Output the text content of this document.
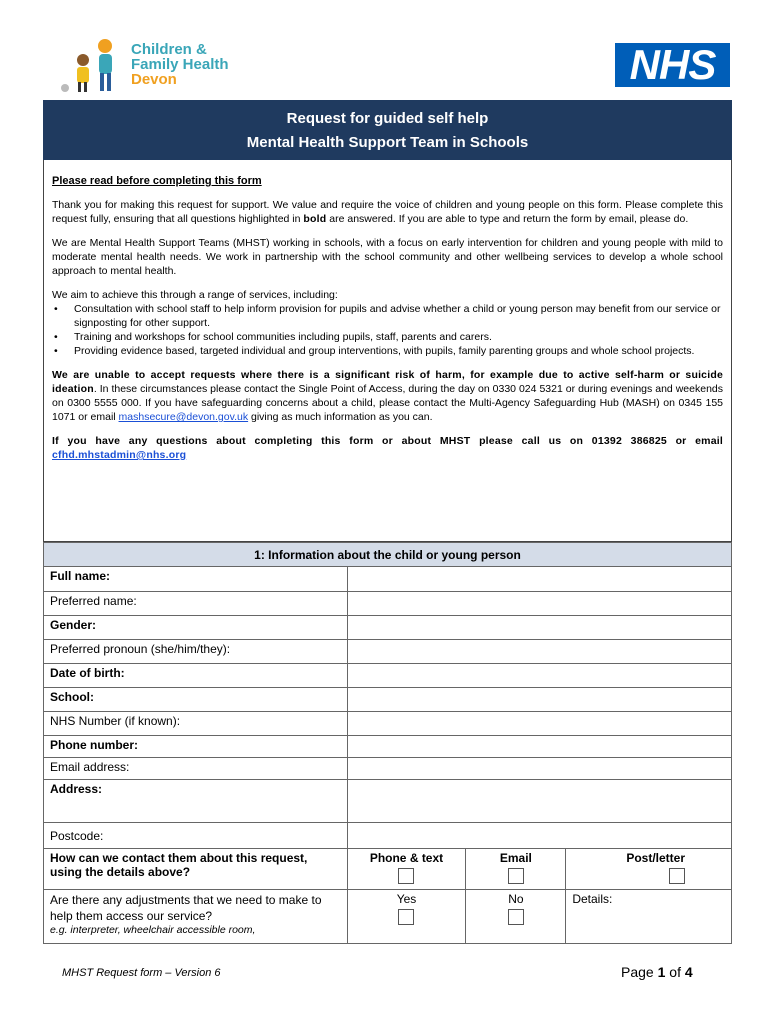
Children &
Family Health
Devon	NHS
Request for guided self help
Mental Health Support Team in Schools
Please read before completing this form

Thank you for making this request for support. We value and require the voice of children and young people on this form. Please complete this request fully, ensuring that all questions highlighted in bold are answered. If you are able to type and return the form by email, please do.

We are Mental Health Support Teams (MHST) working in schools, with a focus on early intervention for children and young people with mild to moderate mental health needs. We work in partnership with the school community and other wellbeing services to develop a whole school approach to mental health.

We aim to achieve this through a range of services, including:

• Consultation with school staff to help inform provision for pupils and advise whether a child or young person may benefit from our service or signposting for other support.
• Training and workshops for school communities including pupils, staff, parents and carers.
• Providing evidence based, targeted individual and group interventions, with pupils, family parenting groups and whole school projects.

We are unable to accept requests where there is a significant risk of harm, for example due to active self-harm or suicide ideation. In these circumstances please contact the Single Point of Access, during the day on 0330 024 5321 or during evenings and weekends on 0300 5555 000. If you have safeguarding concerns about a child, please contact the Multi-Agency Safeguarding Hub (MASH) on 0345 155 1071 or email mashsecure@devon.gov.uk giving as much information as you can.

If you have any questions about completing this form or about MHST please call us on 01392 386825 or email cfhd.mhstadmin@nhs.org

1: Information about the child or young person			
Full name:			
Preferred name:			
Gender:			
Preferred pronoun (she/him/they):			
Date of birth:			
School:			
NHS Number (if known):			
Phone number:			
Email address:			
Address:			
Postcode:			
How can we contact them about this request, using the details above?	Phone & text	Email	Post/letter

Are there any adjustments that we need to make to help them access our service?
e.g. interpreter, wheelchair accessible room,	Yes	No	Details:
MHST Request form – Version 6	Page 1 of 4
